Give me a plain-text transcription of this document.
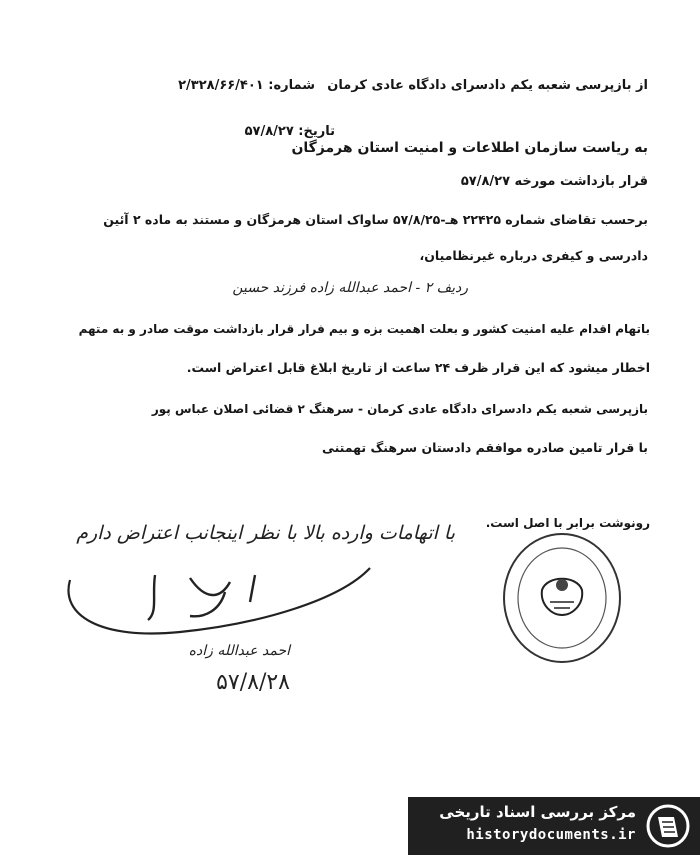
از بازپرسی شعبه یکم دادسرای دادگاه عادی کرمان
شماره: ۲/۳۲۸/۶۶/۴۰۱
تاریخ: ۵۷/۸/۲۷
به ریاست سازمان اطلاعات و امنیت استان هرمزگان
قرار بازداشت مورخه ۵۷/۸/۲۷
برحسب تقاضای شماره ۲۲۴۲۵ هـ-۵۷/۸/۲۵ ساواک استان هرمزگان و مستند به ماده ۲ آئین
دادرسی و کیفری درباره غیرنظامیان،
ردیف ۲ - احمد عبدالله زاده فرزند حسین
باتهام اقدام علیه امنیت کشور و بعلت اهمیت بزه و بیم فرار قرار بازداشت موقت صادر و به متهم
اخطار میشود که این قرار ظرف ۲۴ ساعت از تاریخ ابلاغ قابل اعتراض است.
بازپرسی شعبه یکم دادسرای دادگاه عادی کرمان - سرهنگ ۲ قضائی اصلان عباس پور
با قرار تامین صادره موافقم دادستان سرهنگ تهمتنی
رونوشت برابر با اصل است.
با اتهامات وارده بالا با نظر اینجانب اعتراض دارم
احمد عبدالله زاده
۵۷/۸/۲۸
مرکز بررسی اسناد تاریخی
historydocuments.ir
